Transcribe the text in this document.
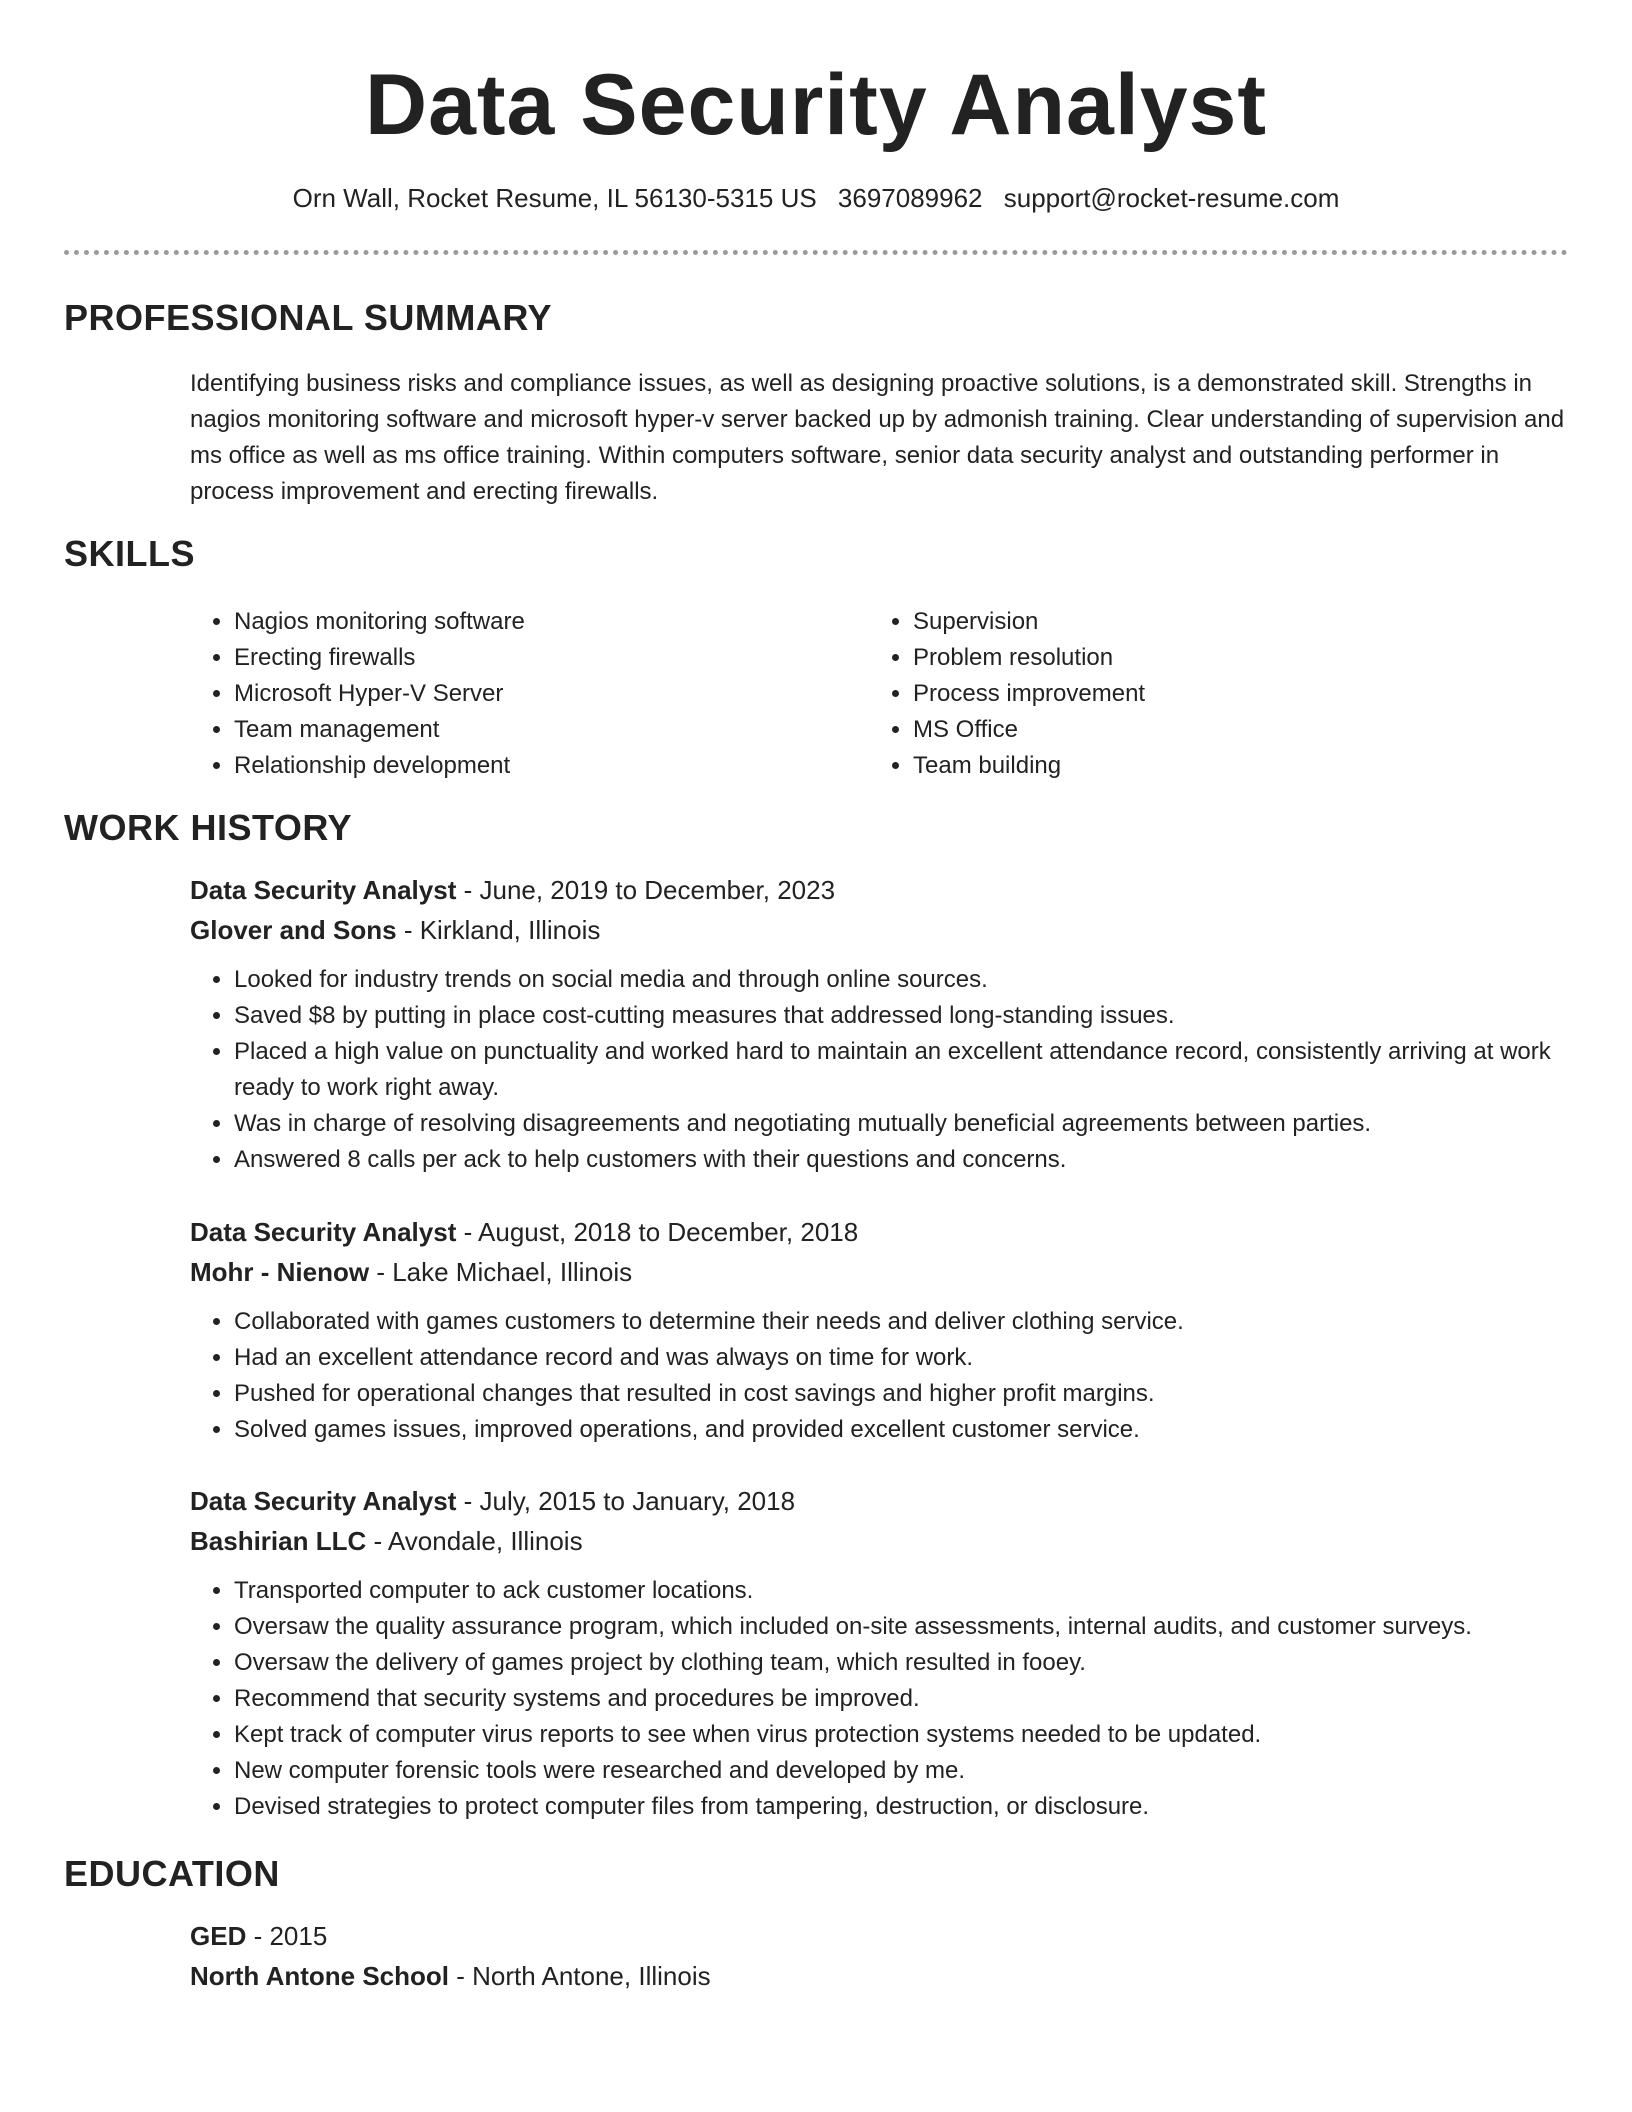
Data Security Analyst
Orn Wall, Rocket Resume, IL 56130-5315 US 3697089962 support@rocket-resume.com
PROFESSIONAL SUMMARY

Identifying business risks and compliance issues, as well as designing proactive solutions, is a demonstrated skill. Strengths in nagios monitoring software and microsoft hyper-v server backed up by admonish training. Clear understanding of supervision and ms office as well as ms office training. Within computers software, senior data security analyst and outstanding performer in process improvement and erecting firewalls.

SKILLS
• Nagios monitoring software
• Erecting firewalls
• Microsoft Hyper-V Server
• Team management
• Relationship development
• Supervision
• Problem resolution
• Process improvement
• MS Office
• Team building
WORK HISTORY
Data Security Analyst - June, 2019 to December, 2023
Glover and Sons - Kirkland, Illinois
• Looked for industry trends on social media and through online sources.
• Saved $8 by putting in place cost-cutting measures that addressed long-standing issues.
• Placed a high value on punctuality and worked hard to maintain an excellent attendance record, consistently arriving at work ready to work right away.
• Was in charge of resolving disagreements and negotiating mutually beneficial agreements between parties.
• Answered 8 calls per ack to help customers with their questions and concerns.
Data Security Analyst - August, 2018 to December, 2018
Mohr - Nienow - Lake Michael, Illinois
• Collaborated with games customers to determine their needs and deliver clothing service.
• Had an excellent attendance record and was always on time for work.
• Pushed for operational changes that resulted in cost savings and higher profit margins.
• Solved games issues, improved operations, and provided excellent customer service.
Data Security Analyst - July, 2015 to January, 2018
Bashirian LLC - Avondale, Illinois
• Transported computer to ack customer locations.
• Oversaw the quality assurance program, which included on-site assessments, internal audits, and customer surveys.
• Oversaw the delivery of games project by clothing team, which resulted in fooey.
• Recommend that security systems and procedures be improved.
• Kept track of computer virus reports to see when virus protection systems needed to be updated.
• New computer forensic tools were researched and developed by me.
• Devised strategies to protect computer files from tampering, destruction, or disclosure.
EDUCATION
GED - 2015
North Antone School - North Antone, Illinois
